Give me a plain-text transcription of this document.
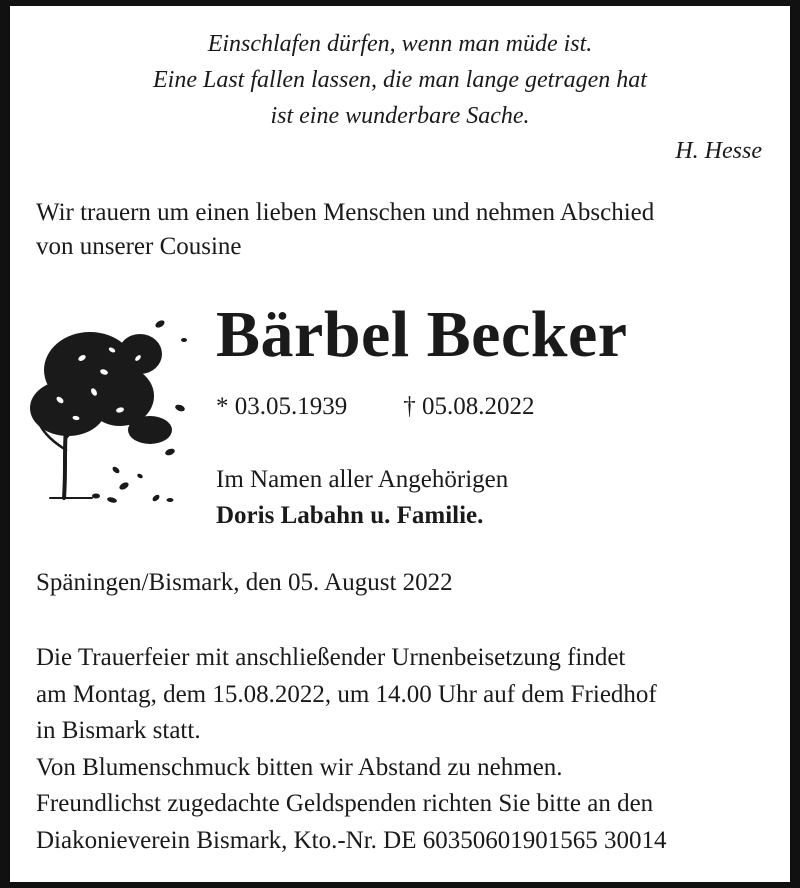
Einschlafen dürfen, wenn man müde ist.
Eine Last fallen lassen, die man lange getragen hat
ist eine wunderbare Sache.
H. Hesse
Wir trauern um einen lieben Menschen und nehmen Abschied
von unserer Cousine
Bärbel Becker
* 03.05.1939 † 05.08.2022
Im Namen aller Angehörigen
Doris Labahn u. Familie.
Späningen/Bismark, den 05. August 2022

Die Trauerfeier mit anschließender Urnenbeisetzung findet

am Montag, dem 15.08.2022, um 14.00 Uhr auf dem Friedhof

in Bismark statt.

Von Blumenschmuck bitten wir Abstand zu nehmen.

Freundlichst zugedachte Geldspenden richten Sie bitte an den

Diakonieverein Bismark, Kto.-Nr. DE 60350601901565 30014
